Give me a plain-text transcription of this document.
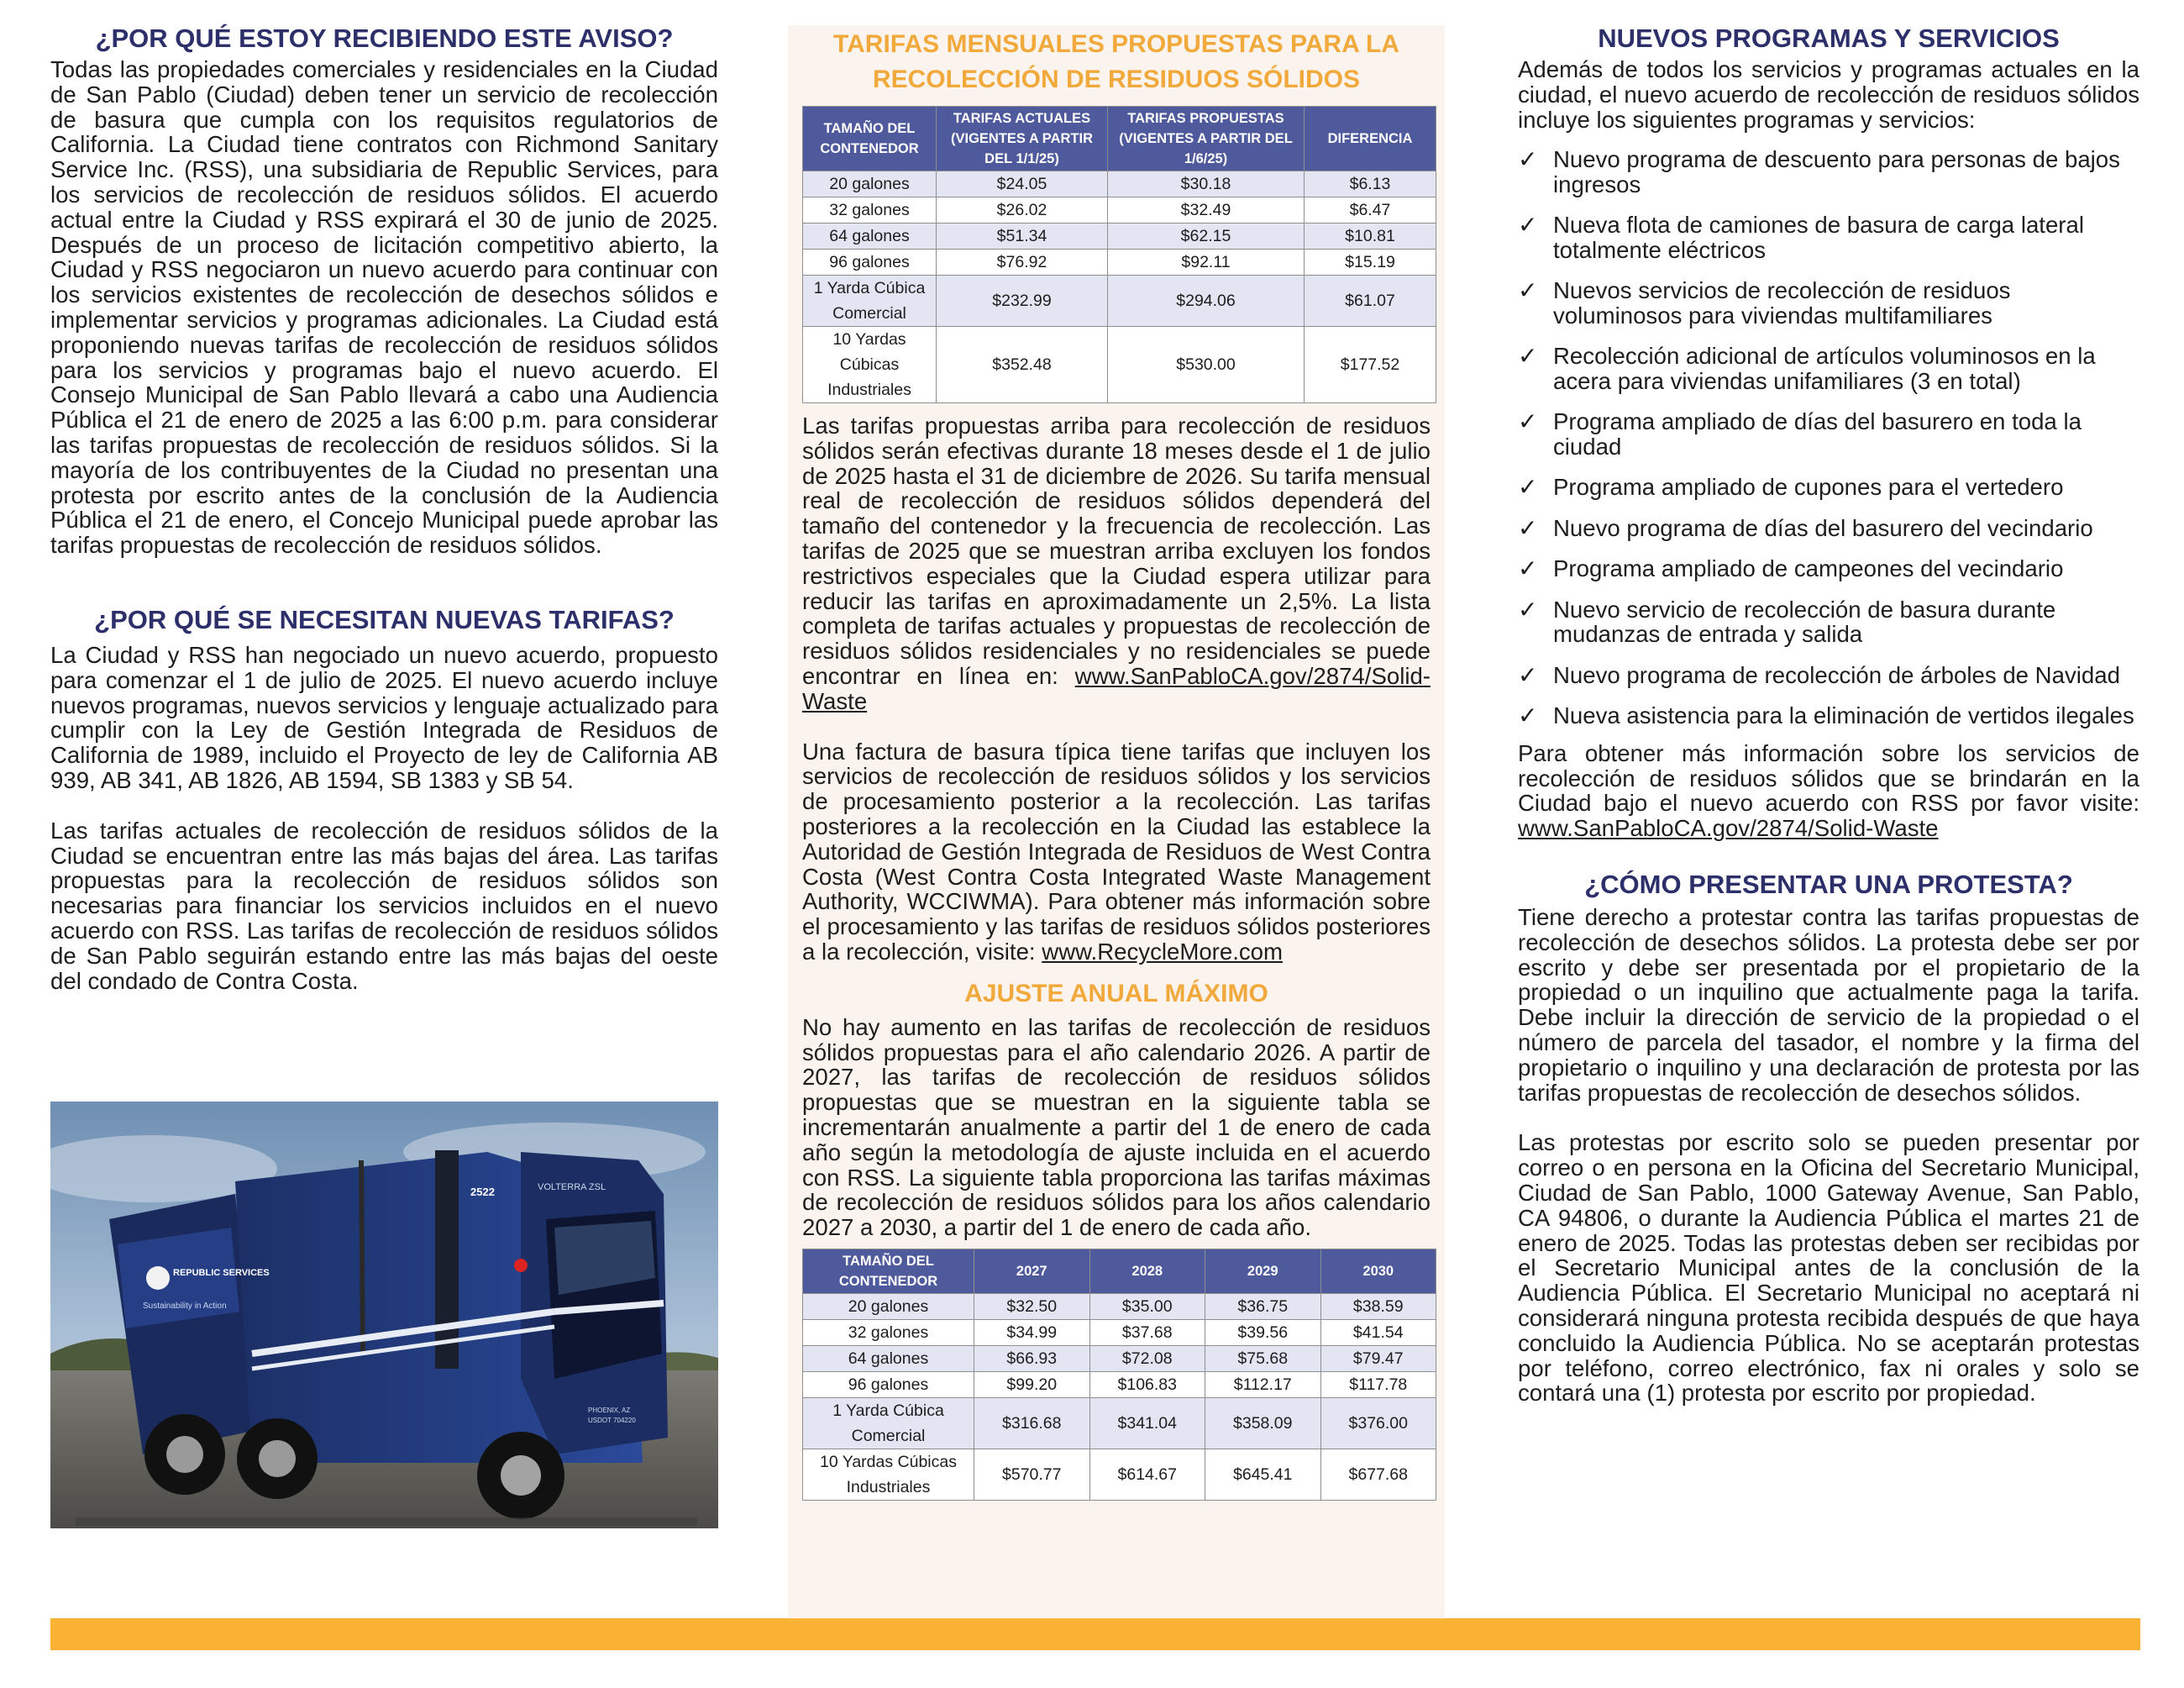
¿POR QUÉ ESTOY RECIBIENDO ESTE AVISO?

Todas las propiedades comerciales y residenciales en la Ciudad de San Pablo (Ciudad) deben tener un servicio de recolección de basura que cumpla con los requisitos regulatorios de California. La Ciudad tiene contratos con Richmond Sanitary Service Inc. (RSS), una subsidiaria de Republic Services, para los servicios de recolección de residuos sólidos. El acuerdo actual entre la Ciudad y RSS expirará el 30 de junio de 2025. Después de un proceso de licitación competitivo abierto, la Ciudad y RSS negociaron un nuevo acuerdo para continuar con los servicios existentes de recolección de desechos sólidos e implementar servicios y programas adicionales. La Ciudad está proponiendo nuevas tarifas de recolección de residuos sólidos para los servicios y programas bajo el nuevo acuerdo. El Consejo Municipal de San Pablo llevará a cabo una Audiencia Pública el 21 de enero de 2025 a las 6:00 p.m. para considerar las tarifas propuestas de recolección de residuos sólidos. Si la mayoría de los contribuyentes de la Ciudad no presentan una protesta por escrito antes de la conclusión de la Audiencia Pública el 21 de enero, el Concejo Municipal puede aprobar las tarifas propuestas de recolección de residuos sólidos.

¿POR QUÉ SE NECESITAN NUEVAS TARIFAS?

La Ciudad y RSS han negociado un nuevo acuerdo, propuesto para comenzar el 1 de julio de 2025. El nuevo acuerdo incluye nuevos programas, nuevos servicios y lenguaje actualizado para cumplir con la Ley de Gestión Integrada de Residuos de California de 1989, incluido el Proyecto de ley de California AB 939, AB 341, AB 1826, AB 1594, SB 1383 y SB 54.

Las tarifas actuales de recolección de residuos sólidos de la Ciudad se encuentran entre las más bajas del área. Las tarifas propuestas para la recolección de residuos sólidos son necesarias para financiar los servicios incluidos en el nuevo acuerdo con RSS. Las tarifas de recolección de residuos sólidos de San Pablo seguirán estando entre las más bajas del oeste del condado de Contra Costa.

REPUBLIC SERVICES
Sustainability in Action
2522	VOLTERRA ZSL
PHOENIX, AZ
USDOT 704220
TARIFAS MENSUALES PROPUESTAS PARA LA
RECOLECCIÓN DE RESIDUOS SÓLIDOS
TAMAÑO DEL CONTENEDOR	TARIFAS ACTUALES (VIGENTES A PARTIR DEL 1/1/25)	TARIFAS PROPUESTAS (VIGENTES A PARTIR DEL 1/6/25)	DIFERENCIA
20 galones	$24.05	$30.18	$6.13
32 galones	$26.02	$32.49	$6.47
64 galones	$51.34	$62.15	$10.81
96 galones	$76.92	$92.11	$15.19
1 Yarda Cúbica Comercial	$232.99	$294.06	$61.07
10 Yardas Cúbicas Industriales	$352.48	$530.00	$177.52

Las tarifas propuestas arriba para recolección de residuos sólidos serán efectivas durante 18 meses desde el 1 de julio de 2025 hasta el 31 de diciembre de 2026. Su tarifa mensual real de recolección de residuos sólidos dependerá del tamaño del contenedor y la frecuencia de recolección. Las tarifas de 2025 que se muestran arriba excluyen los fondos restrictivos especiales que la Ciudad espera utilizar para reducir las tarifas en aproximadamente un 2,5%. La lista completa de tarifas actuales y propuestas de recolección de residuos sólidos residenciales y no residenciales se puede encontrar en línea en: www.SanPabloCA.gov/2874/Solid-Waste

Una factura de basura típica tiene tarifas que incluyen los servicios de recolección de residuos sólidos y los servicios de procesamiento posterior a la recolección. Las tarifas posteriores a la recolección en la Ciudad las establece la Autoridad de Gestión Integrada de Residuos de West Contra Costa (West Contra Costa Integrated Waste Management Authority, WCCIWMA). Para obtener más información sobre el procesamiento y las tarifas de residuos sólidos posteriores a la recolección, visite: www.RecycleMore.com

AJUSTE ANUAL MÁXIMO

No hay aumento en las tarifas de recolección de residuos sólidos propuestas para el año calendario 2026. A partir de 2027, las tarifas de recolección de residuos sólidos propuestas que se muestran en la siguiente tabla se incrementarán anualmente a partir del 1 de enero de cada año según la metodología de ajuste incluida en el acuerdo con RSS. La siguiente tabla proporciona las tarifas máximas de recolección de residuos sólidos para los años calendario 2027 a 2030, a partir del 1 de enero de cada año.

TAMAÑO DEL CONTENEDOR	2027	2028	2029	2030
20 galones	$32.50	$35.00	$36.75	$38.59
32 galones	$34.99	$37.68	$39.56	$41.54
64 galones	$66.93	$72.08	$75.68	$79.47
96 galones	$99.20	$106.83	$112.17	$117.78
1 Yarda Cúbica Comercial	$316.68	$341.04	$358.09	$376.00
10 Yardas Cúbicas Industriales	$570.77	$614.67	$645.41	$677.68
NUEVOS PROGRAMAS Y SERVICIOS

Además de todos los servicios y programas actuales en la ciudad, el nuevo acuerdo de recolección de residuos sólidos incluye los siguientes programas y servicios:

✓ Nuevo programa de descuento para personas de bajos ingresos
✓ Nueva flota de camiones de basura de carga lateral totalmente eléctricos
✓ Nuevos servicios de recolección de residuos voluminosos para viviendas multifamiliares
✓ Recolección adicional de artículos voluminosos en la acera para viviendas unifamiliares (3 en total)
✓ Programa ampliado de días del basurero en toda la ciudad
✓ Programa ampliado de cupones para el vertedero
✓ Nuevo programa de días del basurero del vecindario
✓ Programa ampliado de campeones del vecindario
✓ Nuevo servicio de recolección de basura durante mudanzas de entrada y salida
✓ Nuevo programa de recolección de árboles de Navidad
✓ Nueva asistencia para la eliminación de vertidos ilegales

Para obtener más información sobre los servicios de recolección de residuos sólidos que se brindarán en la Ciudad bajo el nuevo acuerdo con RSS por favor visite: www.SanPabloCA.gov/2874/Solid-Waste

¿CÓMO PRESENTAR UNA PROTESTA?

Tiene derecho a protestar contra las tarifas propuestas de recolección de desechos sólidos. La protesta debe ser por escrito y debe ser presentada por el propietario de la propiedad o un inquilino que actualmente paga la tarifa. Debe incluir la dirección de servicio de la propiedad o el número de parcela del tasador, el nombre y la firma del propietario o inquilino y una declaración de protesta por las tarifas propuestas de recolección de desechos sólidos.

Las protestas por escrito solo se pueden presentar por correo o en persona en la Oficina del Secretario Municipal, Ciudad de San Pablo, 1000 Gateway Avenue, San Pablo, CA 94806, o durante la Audiencia Pública el martes 21 de enero de 2025. Todas las protestas deben ser recibidas por el Secretario Municipal antes de la conclusión de la Audiencia Pública. El Secretario Municipal no aceptará ni considerará ninguna protesta recibida después de que haya concluido la Audiencia Pública. No se aceptarán protestas por teléfono, correo electrónico, fax ni orales y solo se contará una (1) protesta por escrito por propiedad.
